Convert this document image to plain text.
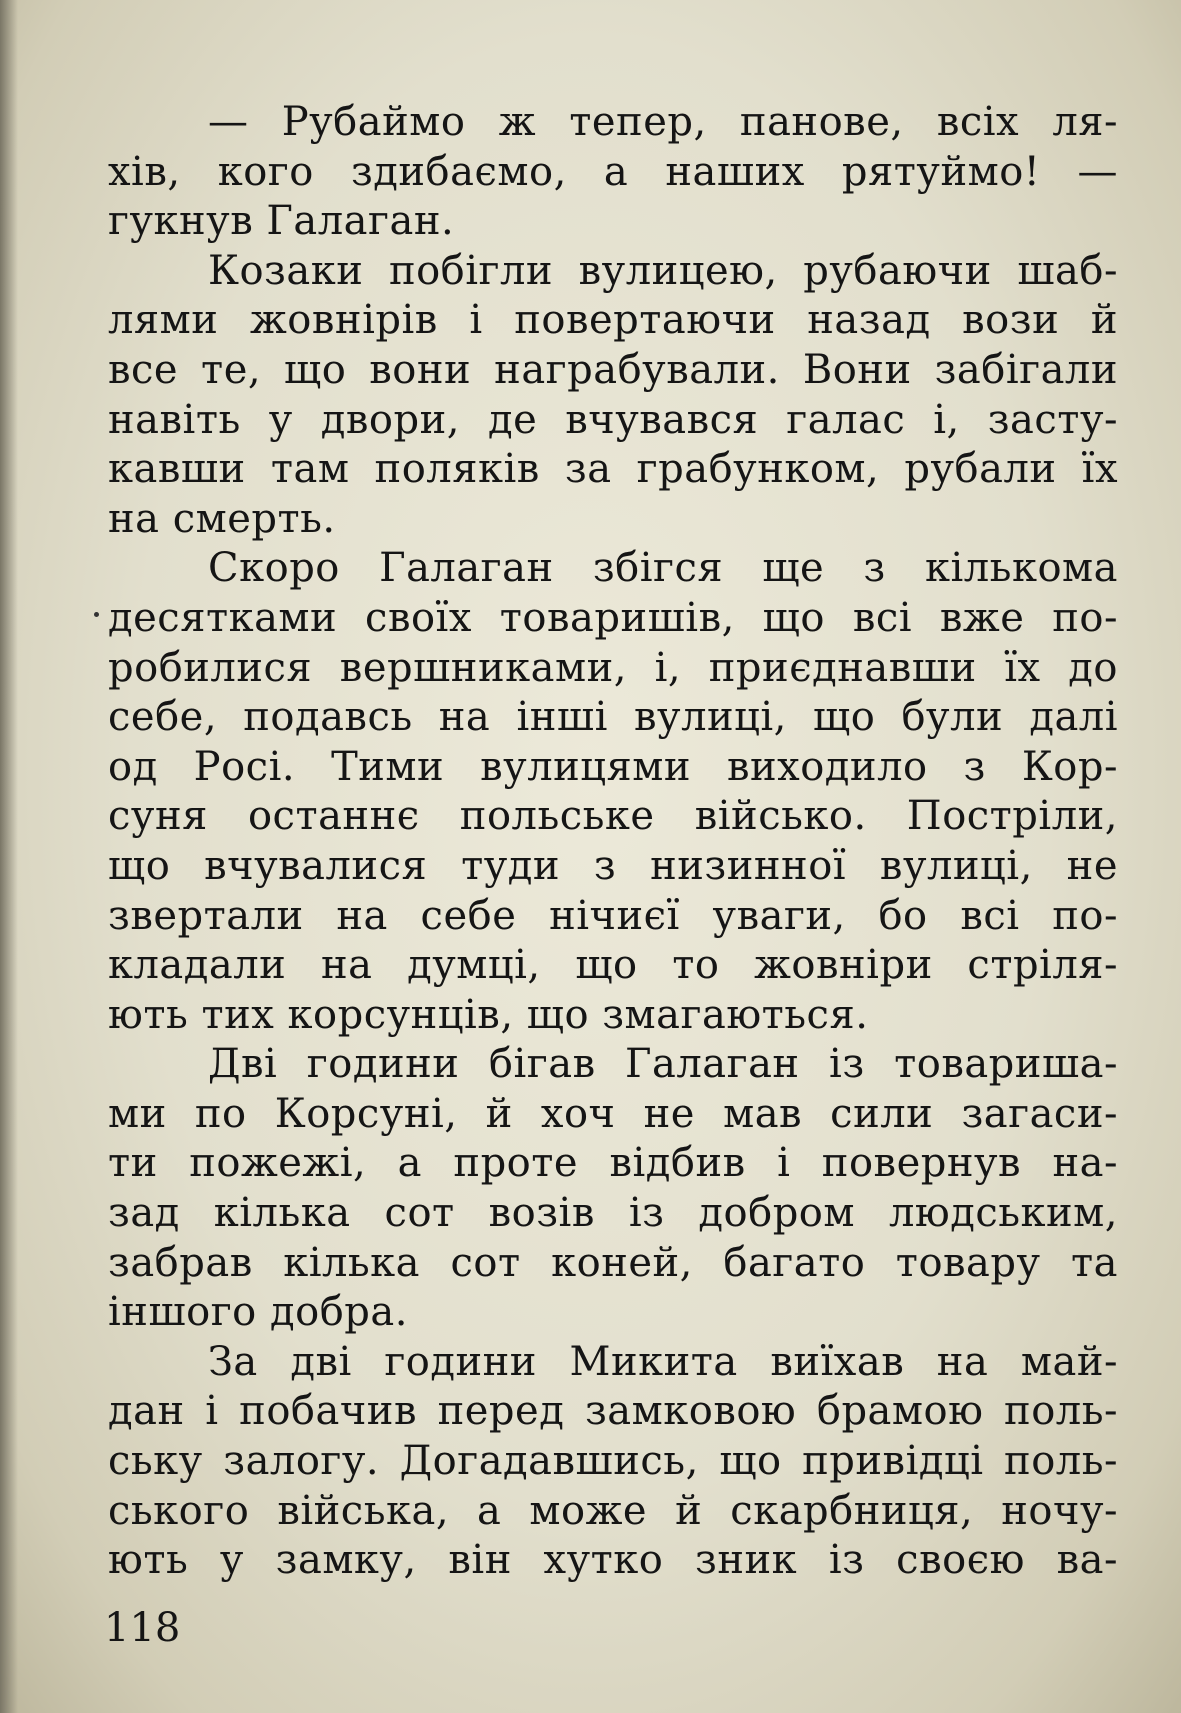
— Рубаймо ж тепер, панове, всіх ля-
хів, кого здибаємо, а наших рятуймо! —
гукнув Галаган.
Козаки побігли вулицею, рубаючи шаб-
лями жовнірів і повертаючи назад вози й
все те, що вони награбували. Вони забігали
навіть у двори, де вчувався галас і, засту-
кавши там поляків за грабунком, рубали їх
на смерть.
Скоро Галаган збігся ще з кількома
десятками своїх товаришів, що всі вже по-
робилися вершниками, і, приєднавши їх до
себе, подавсь на інші вулиці, що були далі
од Росі. Тими вулицями виходило з Кор-
суня останнє польське військо. Постріли,
що вчувалися туди з низинної вулиці, не
звертали на себе нічиєї уваги, бо всі по-
кладали на думці, що то жовніри стріля-
ють тих корсунців, що змагаються.
Дві години бігав Галаган із товариша-
ми по Корсуні, й хоч не мав сили загаси-
ти пожежі, а проте відбив і повернув на-
зад кілька сот возів із добром людським,
забрав кілька сот коней, багато товару та
іншого добра.
За дві години Микита виїхав на май-
дан і побачив перед замковою брамою поль-
ську залогу. Догадавшись, що привідці поль-
ського війська, а може й скарбниця, ночу-
ють у замку, він хутко зник із своєю ва-
118
